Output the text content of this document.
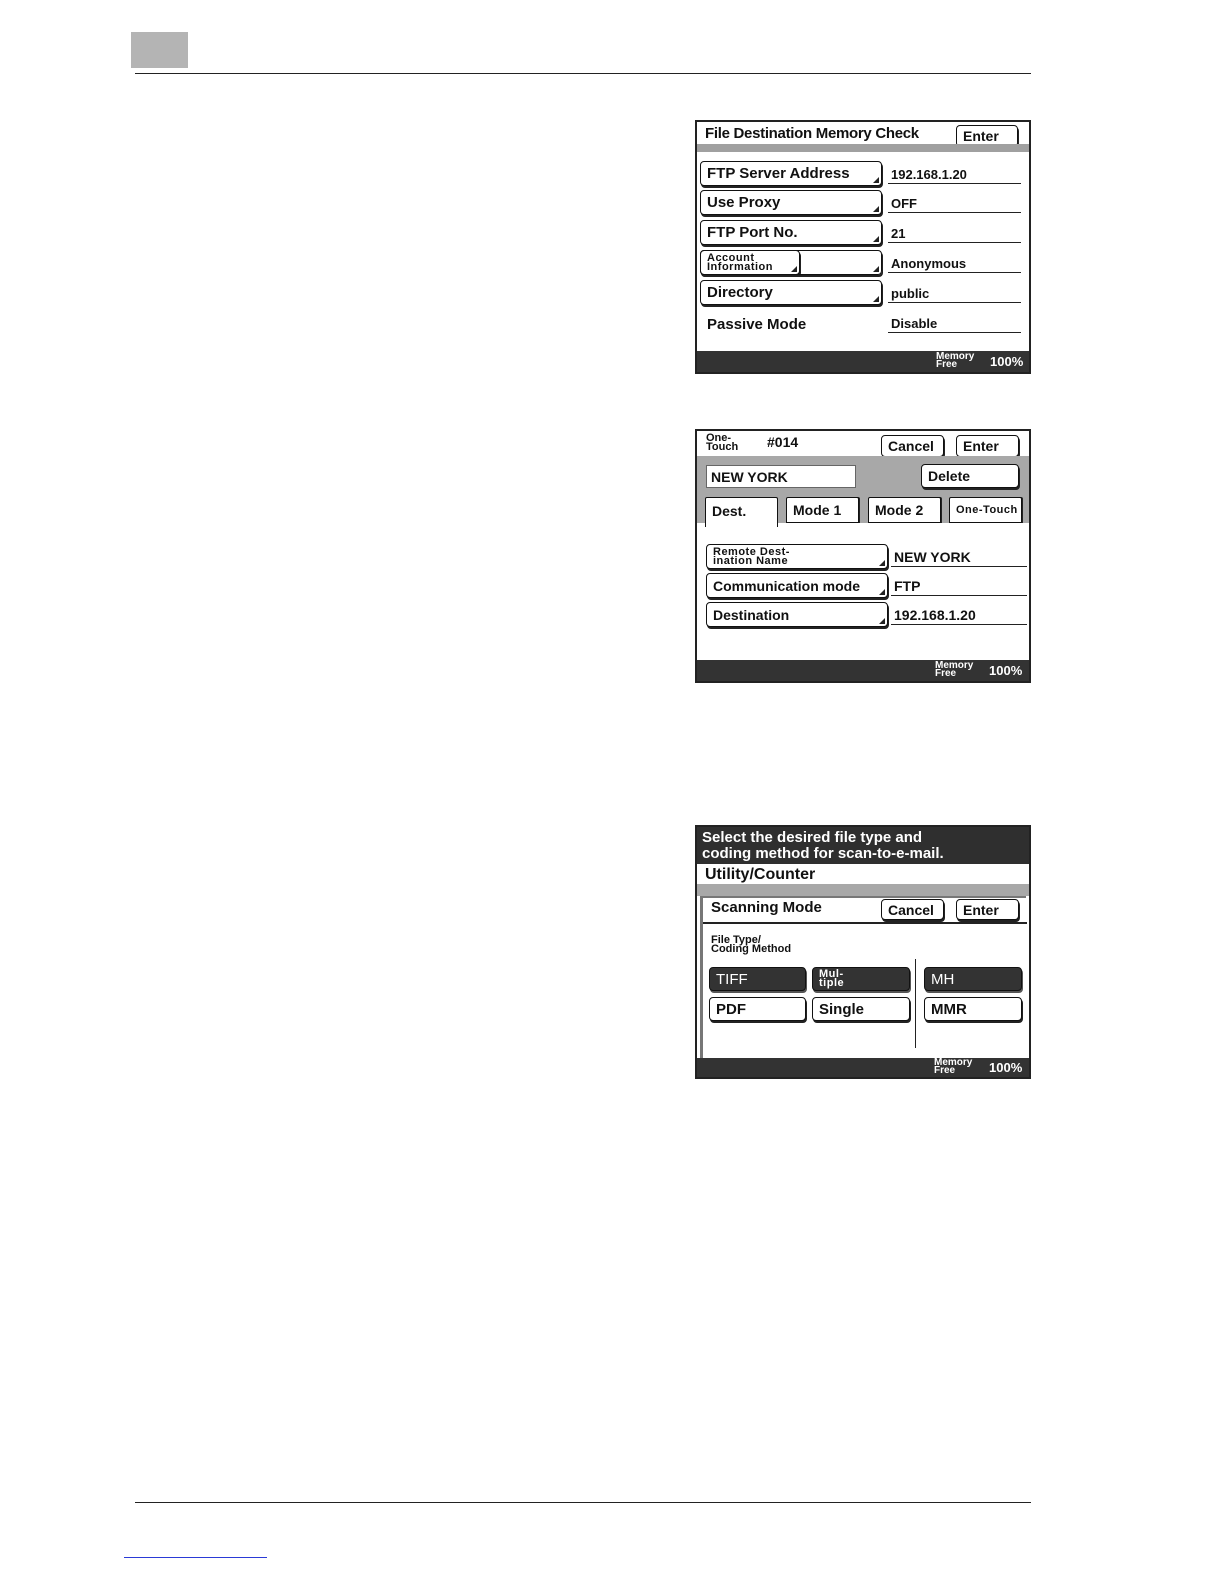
File Destination Memory Check	Enter
FTP Server Address	192.168.1.20
Use Proxy	OFF
FTP Port No.	21
Account Information	Anonymous
Directory	public
Passive Mode	Disable
Memory
Free	100%
One-
Touch #014	Cancel	Enter
NEW YORK	Delete
Dest.	Mode 1	Mode 2	One-Touch
Remote Dest-ination Name	NEW YORK
Communication mode	FTP
Destination	192.168.1.20
Memory
Free	100%
Select the desired file type and
coding method for scan-to-e-mail.
Utility/Counter
Scanning Mode	Cancel	Enter
File Type/
Coding Method
TIFF	Mul-tiple	MH
PDF	Single	MMR
Memory
Free	100%
